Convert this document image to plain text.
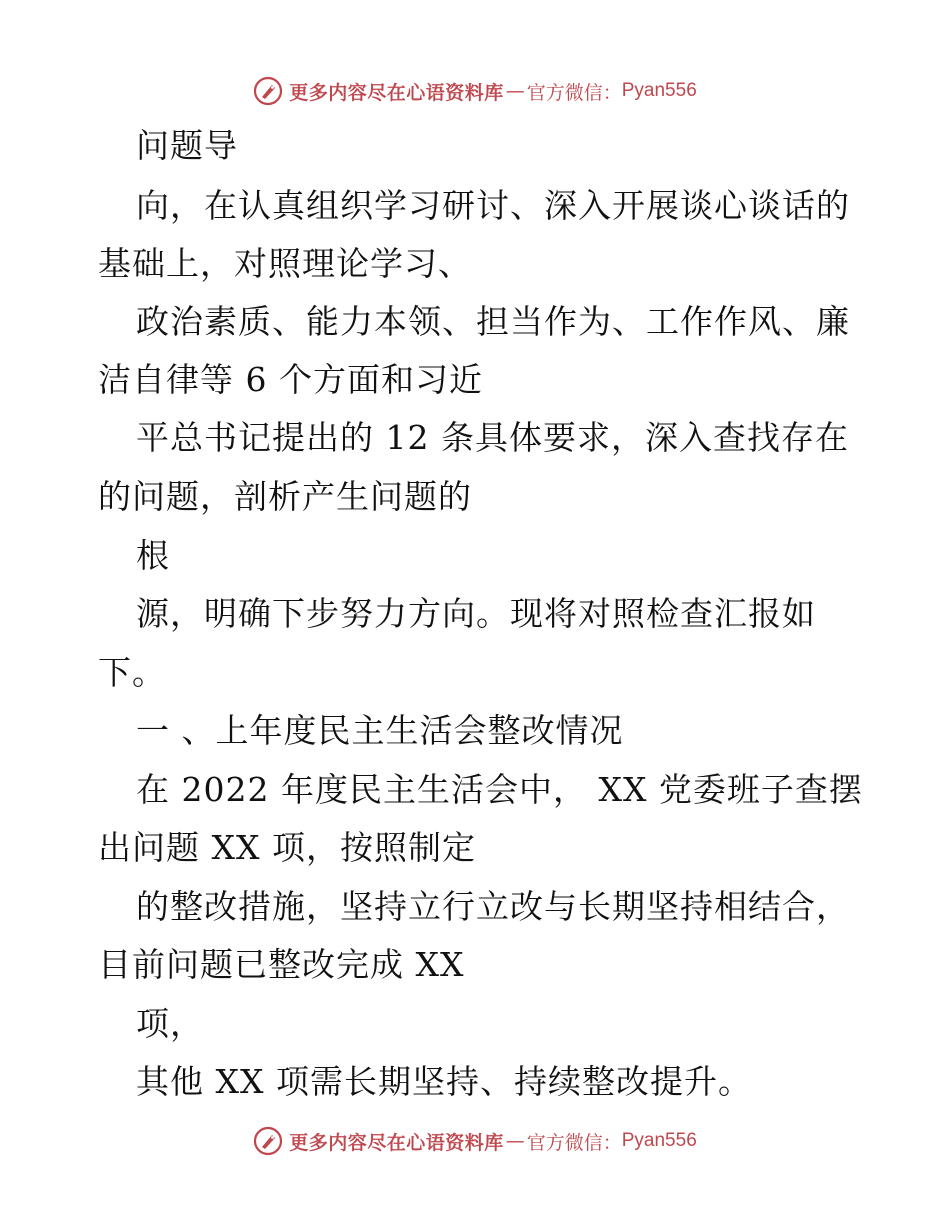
更多内容尽在心语资料库 — 官方微信： Pyan556
问题导
向，在认真组织学习研讨、深入开展谈心谈话的
基础上，对照理论学习、
政治素质、能力本领、担当作为、工作作风、廉
洁自律等 6 个方面和习近
平总书记提出的 12 条具体要求，深入查找存在
的问题，剖析产生问题的
根
源，明确下步努力方向。现将对照检查汇报如
下。
一 、上年度民主生活会整改情况
在 2022 年度民主生活会中， XX 党委班子查摆
出问题 XX 项，按照制定
的整改措施，坚持立行立改与长期坚持相结合，
目前问题已整改完成 XX
项，
其他 XX 项需长期坚持、持续整改提升。
更多内容尽在心语资料库 — 官方微信： Pyan556
